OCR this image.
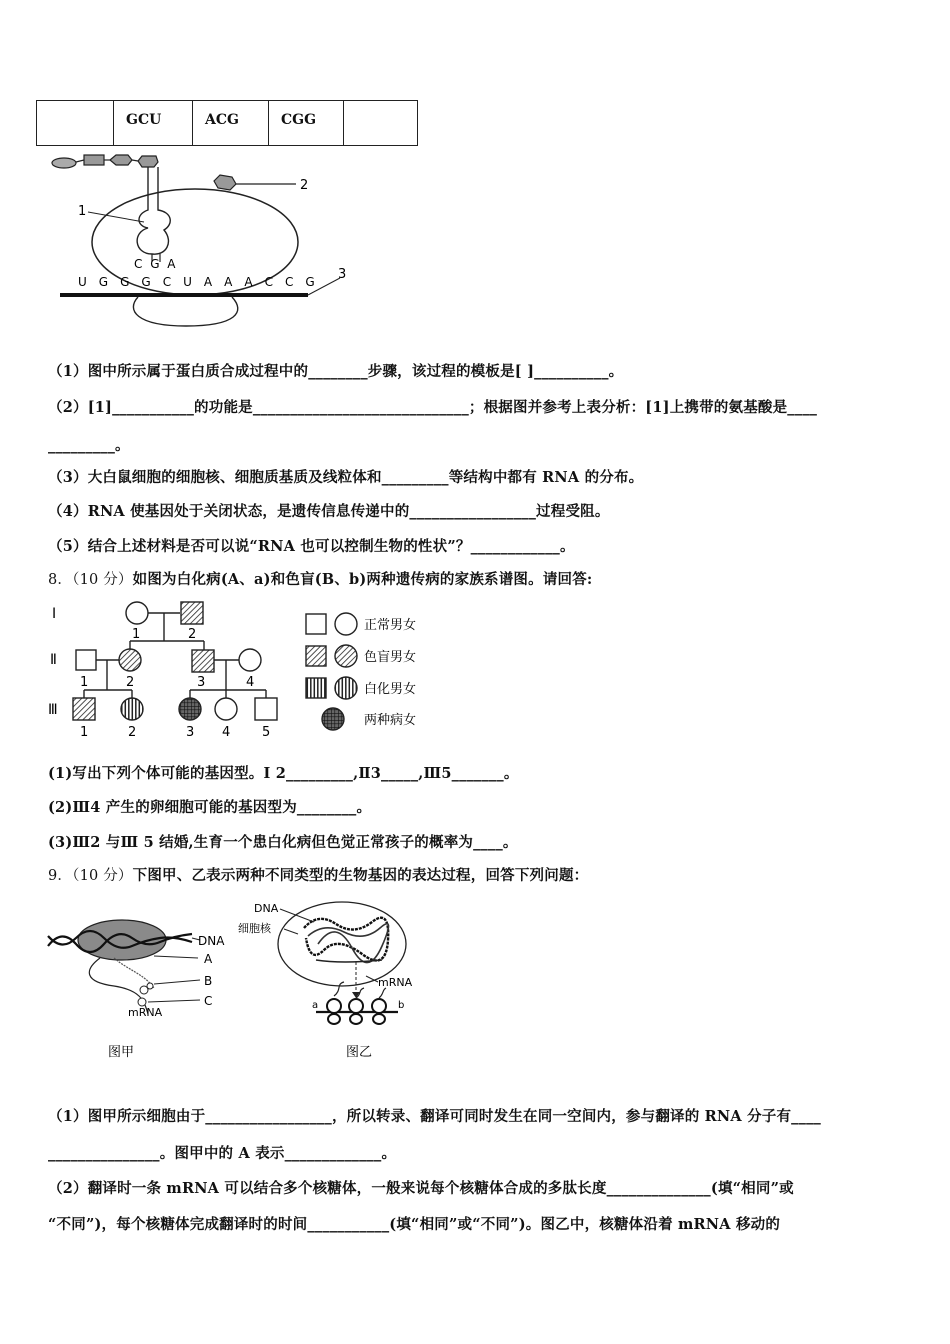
	GCU	ACG	CGG	
1
2
C G A
U G G G C U A A A C C G 3
（1）图中所示属于蛋白质合成过程中的________步骤，该过程的模板是[ ]__________。
（2）[1]___________的功能是_____________________________；根据图并参考上表分析：[1]上携带的氨基酸是____
_________。
（3）大白鼠细胞的细胞核、细胞质基质及线粒体和_________等结构中都有 RNA 的分布。
（4）RNA 使基因处于关闭状态，是遗传信息传递中的_________________过程受阻。
（5）结合上述材料是否可以说“RNA 也可以控制生物的性状”？____________。
8．（10 分）如图为白化病(A、a)和色盲(B、b)两种遗传病的家族系谱图。请回答:
Ⅰ
Ⅱ
Ⅲ
1	2
1	2	3	4
1	2	3 4 5
正常男女
色盲男女
白化男女
两种病女
(1)写出下列个体可能的基因型。Ⅰ 2_________,Ⅱ3_____,Ⅲ5_______。
(2)Ⅲ4 产生的卵细胞可能的基因型为________。
(3)Ⅲ2 与Ⅲ 5 结婚,生育一个患白化病但色觉正常孩子的概率为____。
9．（10 分）下图甲、乙表示两种不同类型的生物基因的表达过程，回答下列问题：
DNA
A
B
C
mRNA
图甲
DNA
细胞核
mRNA
a	b
图乙
（1）图甲所示细胞由于_________________，所以转录、翻译可同时发生在同一空间内，参与翻译的 RNA 分子有____
_______________。图甲中的 A 表示_____________。
（2）翻译时一条 mRNA 可以结合多个核糖体，一般来说每个核糖体合成的多肽长度______________(填“相同”或
“不同”)，每个核糖体完成翻译时的时间___________(填“相同”或“不同”)。图乙中，核糖体沿着 mRNA 移动的
